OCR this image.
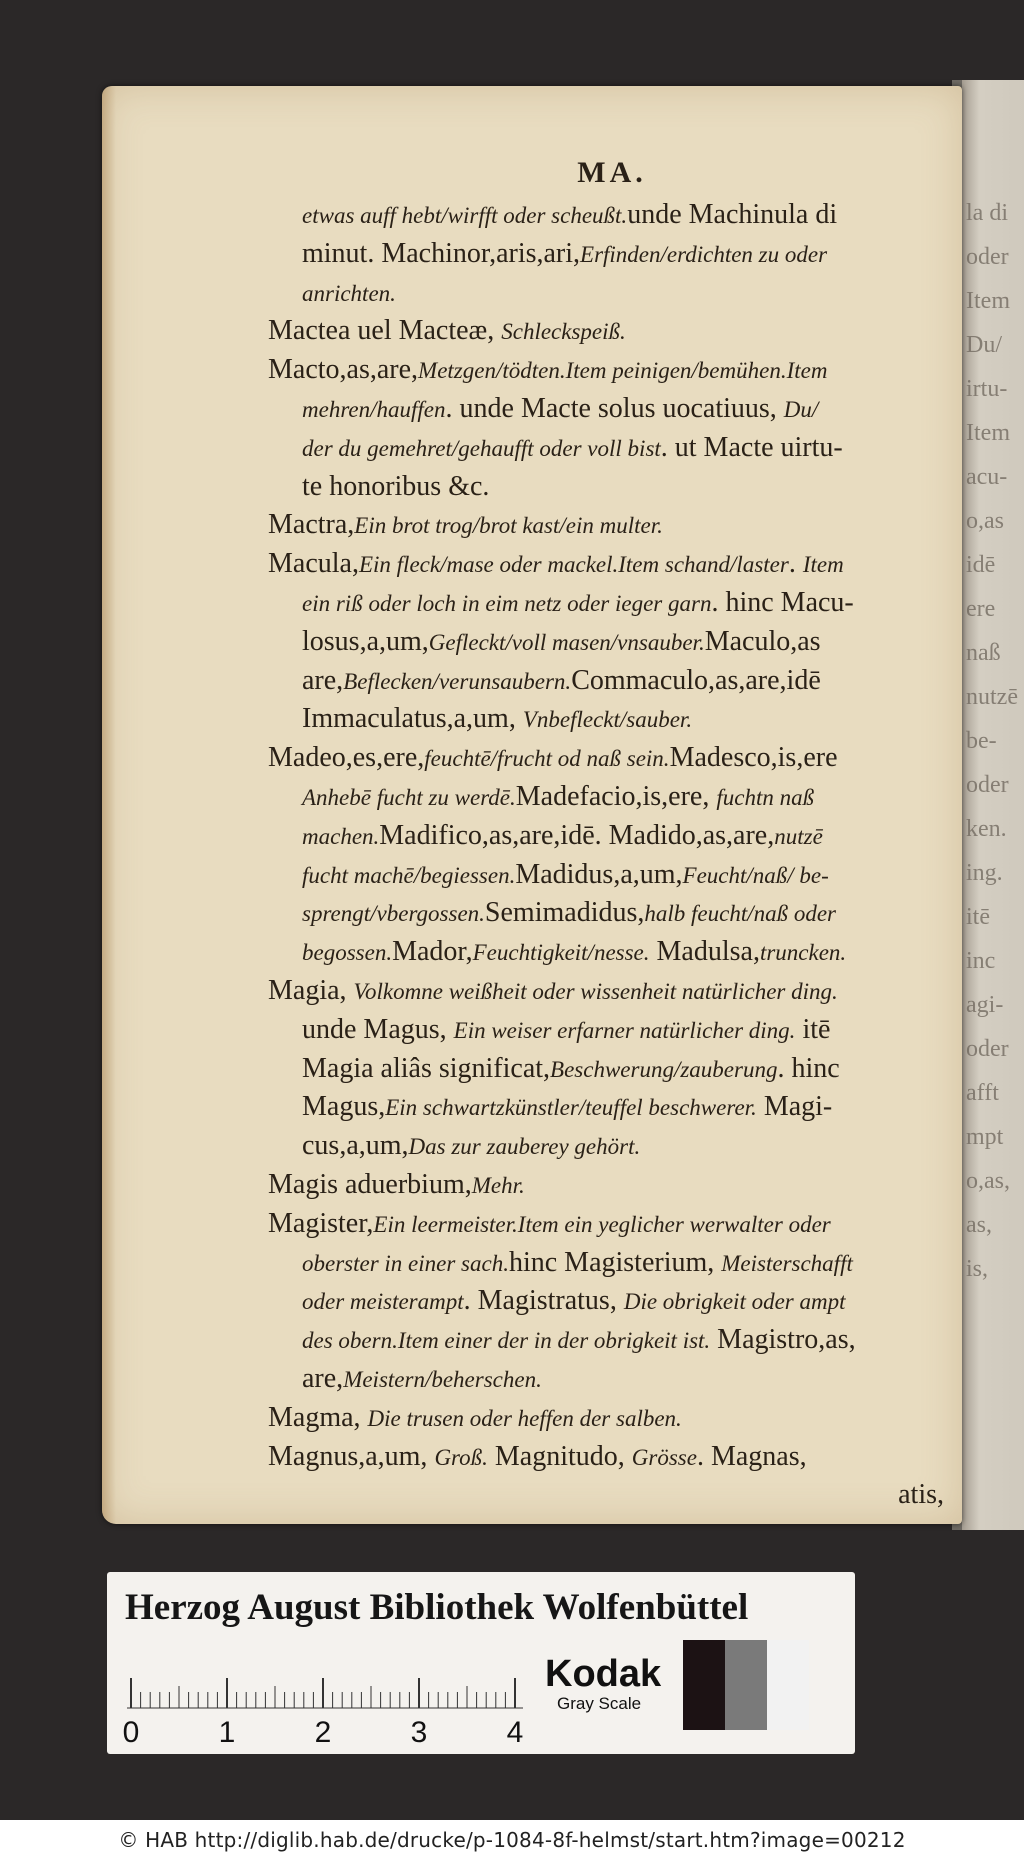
la di
oder
Item
Du/
irtu-
Item
acu-
o,as
idē
ere
naß
nutzē
be-
oder
ken.
ing.
itē
inc
agi-
oder
afft
mpt
o,as,
as,
is,
MA.
etwas auff hebt/wirfft oder scheußt.unde Machinula di
minut. Machinor,aris,ari,Erfinden/erdichten zu oder
anrichten.
Mactea uel Macteæ, Schleckspeiß.
Macto,as,are,Metzgen/tödten.Item peinigen/bemühen.Item
mehren/hauffen. unde Macte solus uocatiuus, Du/
der du gemehret/gehaufft oder voll bist. ut Macte uirtu-
te honoribus &c.
Mactra,Ein brot trog/brot kast/ein multer.
Macula,Ein fleck/mase oder mackel.Item schand/laster. Item
ein riß oder loch in eim netz oder ieger garn. hinc Macu-
losus,a,um,Gefleckt/voll masen/vnsauber.Maculo,as
are,Beflecken/verunsaubern.Commaculo,as,are,idē
Immaculatus,a,um, Vnbefleckt/sauber.
Madeo,es,ere,feuchtē/frucht od naß sein.Madesco,is,ere
Anhebē fucht zu werdē.Madefacio,is,ere, fuchtn naß
machen.Madifico,as,are,idē. Madido,as,are,nutzē
fucht machē/begiessen.Madidus,a,um,Feucht/naß/ be-
sprengt/vbergossen.Semimadidus,halb feucht/naß oder
begossen.Mador,Feuchtigkeit/nesse. Madulsa,truncken.
Magia, Volkomne weißheit oder wissenheit natürlicher ding.
unde Magus, Ein weiser erfarner natürlicher ding. itē
Magia aliâs significat,Beschwerung/zauberung. hinc
Magus,Ein schwartzkünstler/teuffel beschwerer. Magi-
cus,a,um,Das zur zauberey gehört.
Magis aduerbium,Mehr.
Magister,Ein leermeister.Item ein yeglicher werwalter oder
oberster in einer sach.hinc Magisterium, Meisterschafft
oder meisterampt. Magistratus, Die obrigkeit oder ampt
des obern.Item einer der in der obrigkeit ist. Magistro,as,
are,Meistern/beherschen.
Magma, Die trusen oder heffen der salben.
Magnus,a,um, Groß. Magnitudo, Grösse. Magnas,
atis,
Herzog August Bibliothek Wolfenbüttel
0	1	2	3	4
Kodak
Gray Scale
© HAB http://diglib.hab.de/drucke/p-1084-8f-helmst/start.htm?image=00212
